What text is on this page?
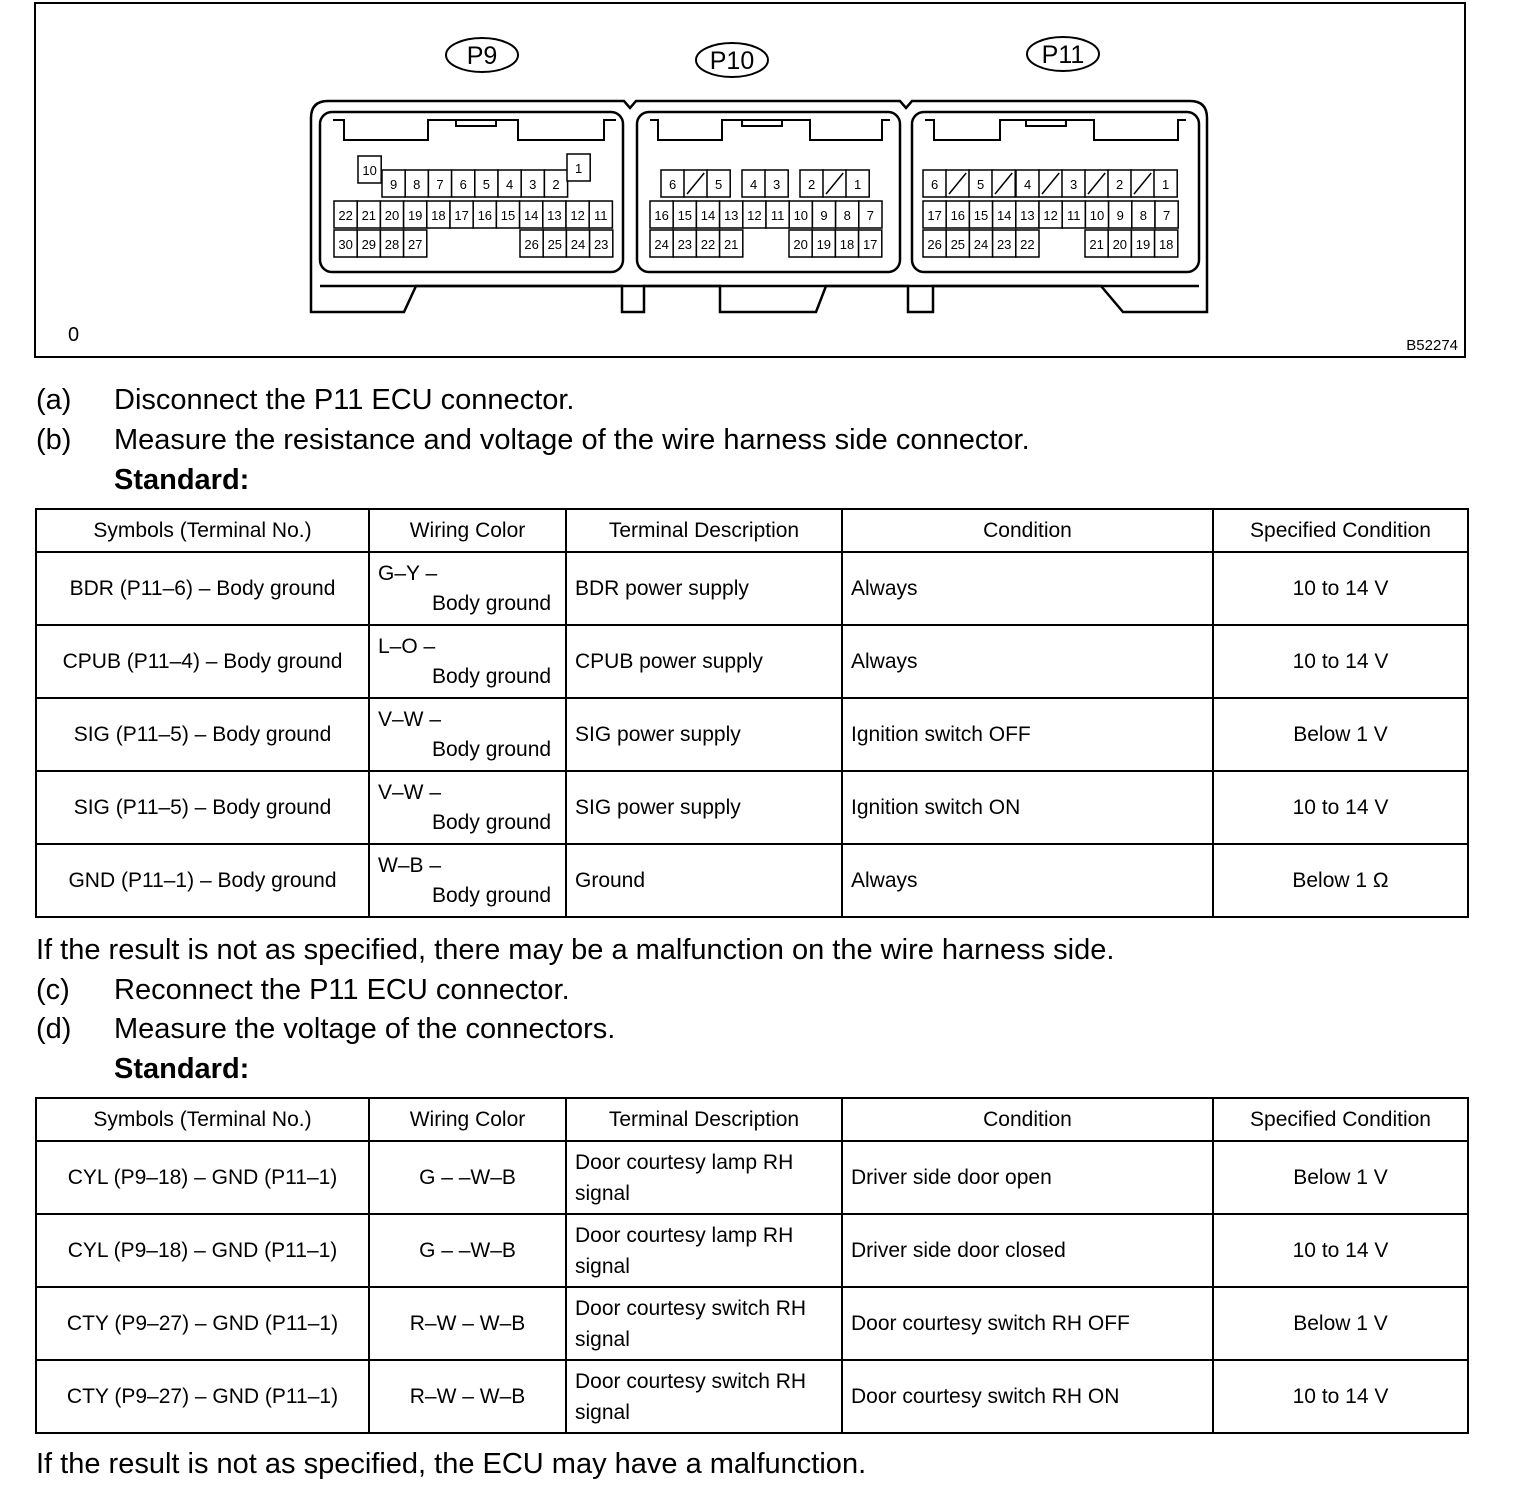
P9	P10	P11
10
9 8 7 6 5 4 3 2
1
22 21 20 19 18 17 16 15 14 13 12 11
30 29 28 27	26 25 24 23
6	5 4 3 2	1
16 15 14 13 12 11 10 9 8 7
24 23 22 21	20 19 18 17
6	5	4	3	2	1
17 16 15 14 13 12 11 10 9 8 7
26 25 24 23 22	21 20 19 18
0	B52274
(a) Disconnect the P11 ECU connector.
(b) Measure the resistance and voltage of the wire harness side connector.
Standard:
Symbols (Terminal No.)	Wiring Color	Terminal Description	Condition	Specified Condition
BDR (P11–6) – Body ground	G–Y –
Body ground	BDR power supply	Always	10 to 14 V
CPUB (P11–4) – Body ground	L–O –
Body ground	CPUB power supply	Always	10 to 14 V
SIG (P11–5) – Body ground	V–W –
Body ground	SIG power supply	Ignition switch OFF	Below 1 V
SIG (P11–5) – Body ground	V–W –
Body ground	SIG power supply	Ignition switch ON	10 to 14 V
GND (P11–1) – Body ground	W–B –
Body ground	Ground	Always	Below 1 Ω
If the result is not as specified, there may be a malfunction on the wire harness side.
(c) Reconnect the P11 ECU connector.
(d) Measure the voltage of the connectors.
Standard:
Symbols (Terminal No.)	Wiring Color	Terminal Description	Condition	Specified Condition
CYL (P9–18) – GND (P11–1)	G – –W–B	Door courtesy lamp RH signal	Driver side door open	Below 1 V
CYL (P9–18) – GND (P11–1)	G – –W–B	Door courtesy lamp RH signal	Driver side door closed	10 to 14 V
CTY (P9–27) – GND (P11–1)	R–W – W–B	Door courtesy switch RH signal	Door courtesy switch RH OFF	Below 1 V
CTY (P9–27) – GND (P11–1)	R–W – W–B	Door courtesy switch RH signal	Door courtesy switch RH ON	10 to 14 V
If the result is not as specified, the ECU may have a malfunction.
